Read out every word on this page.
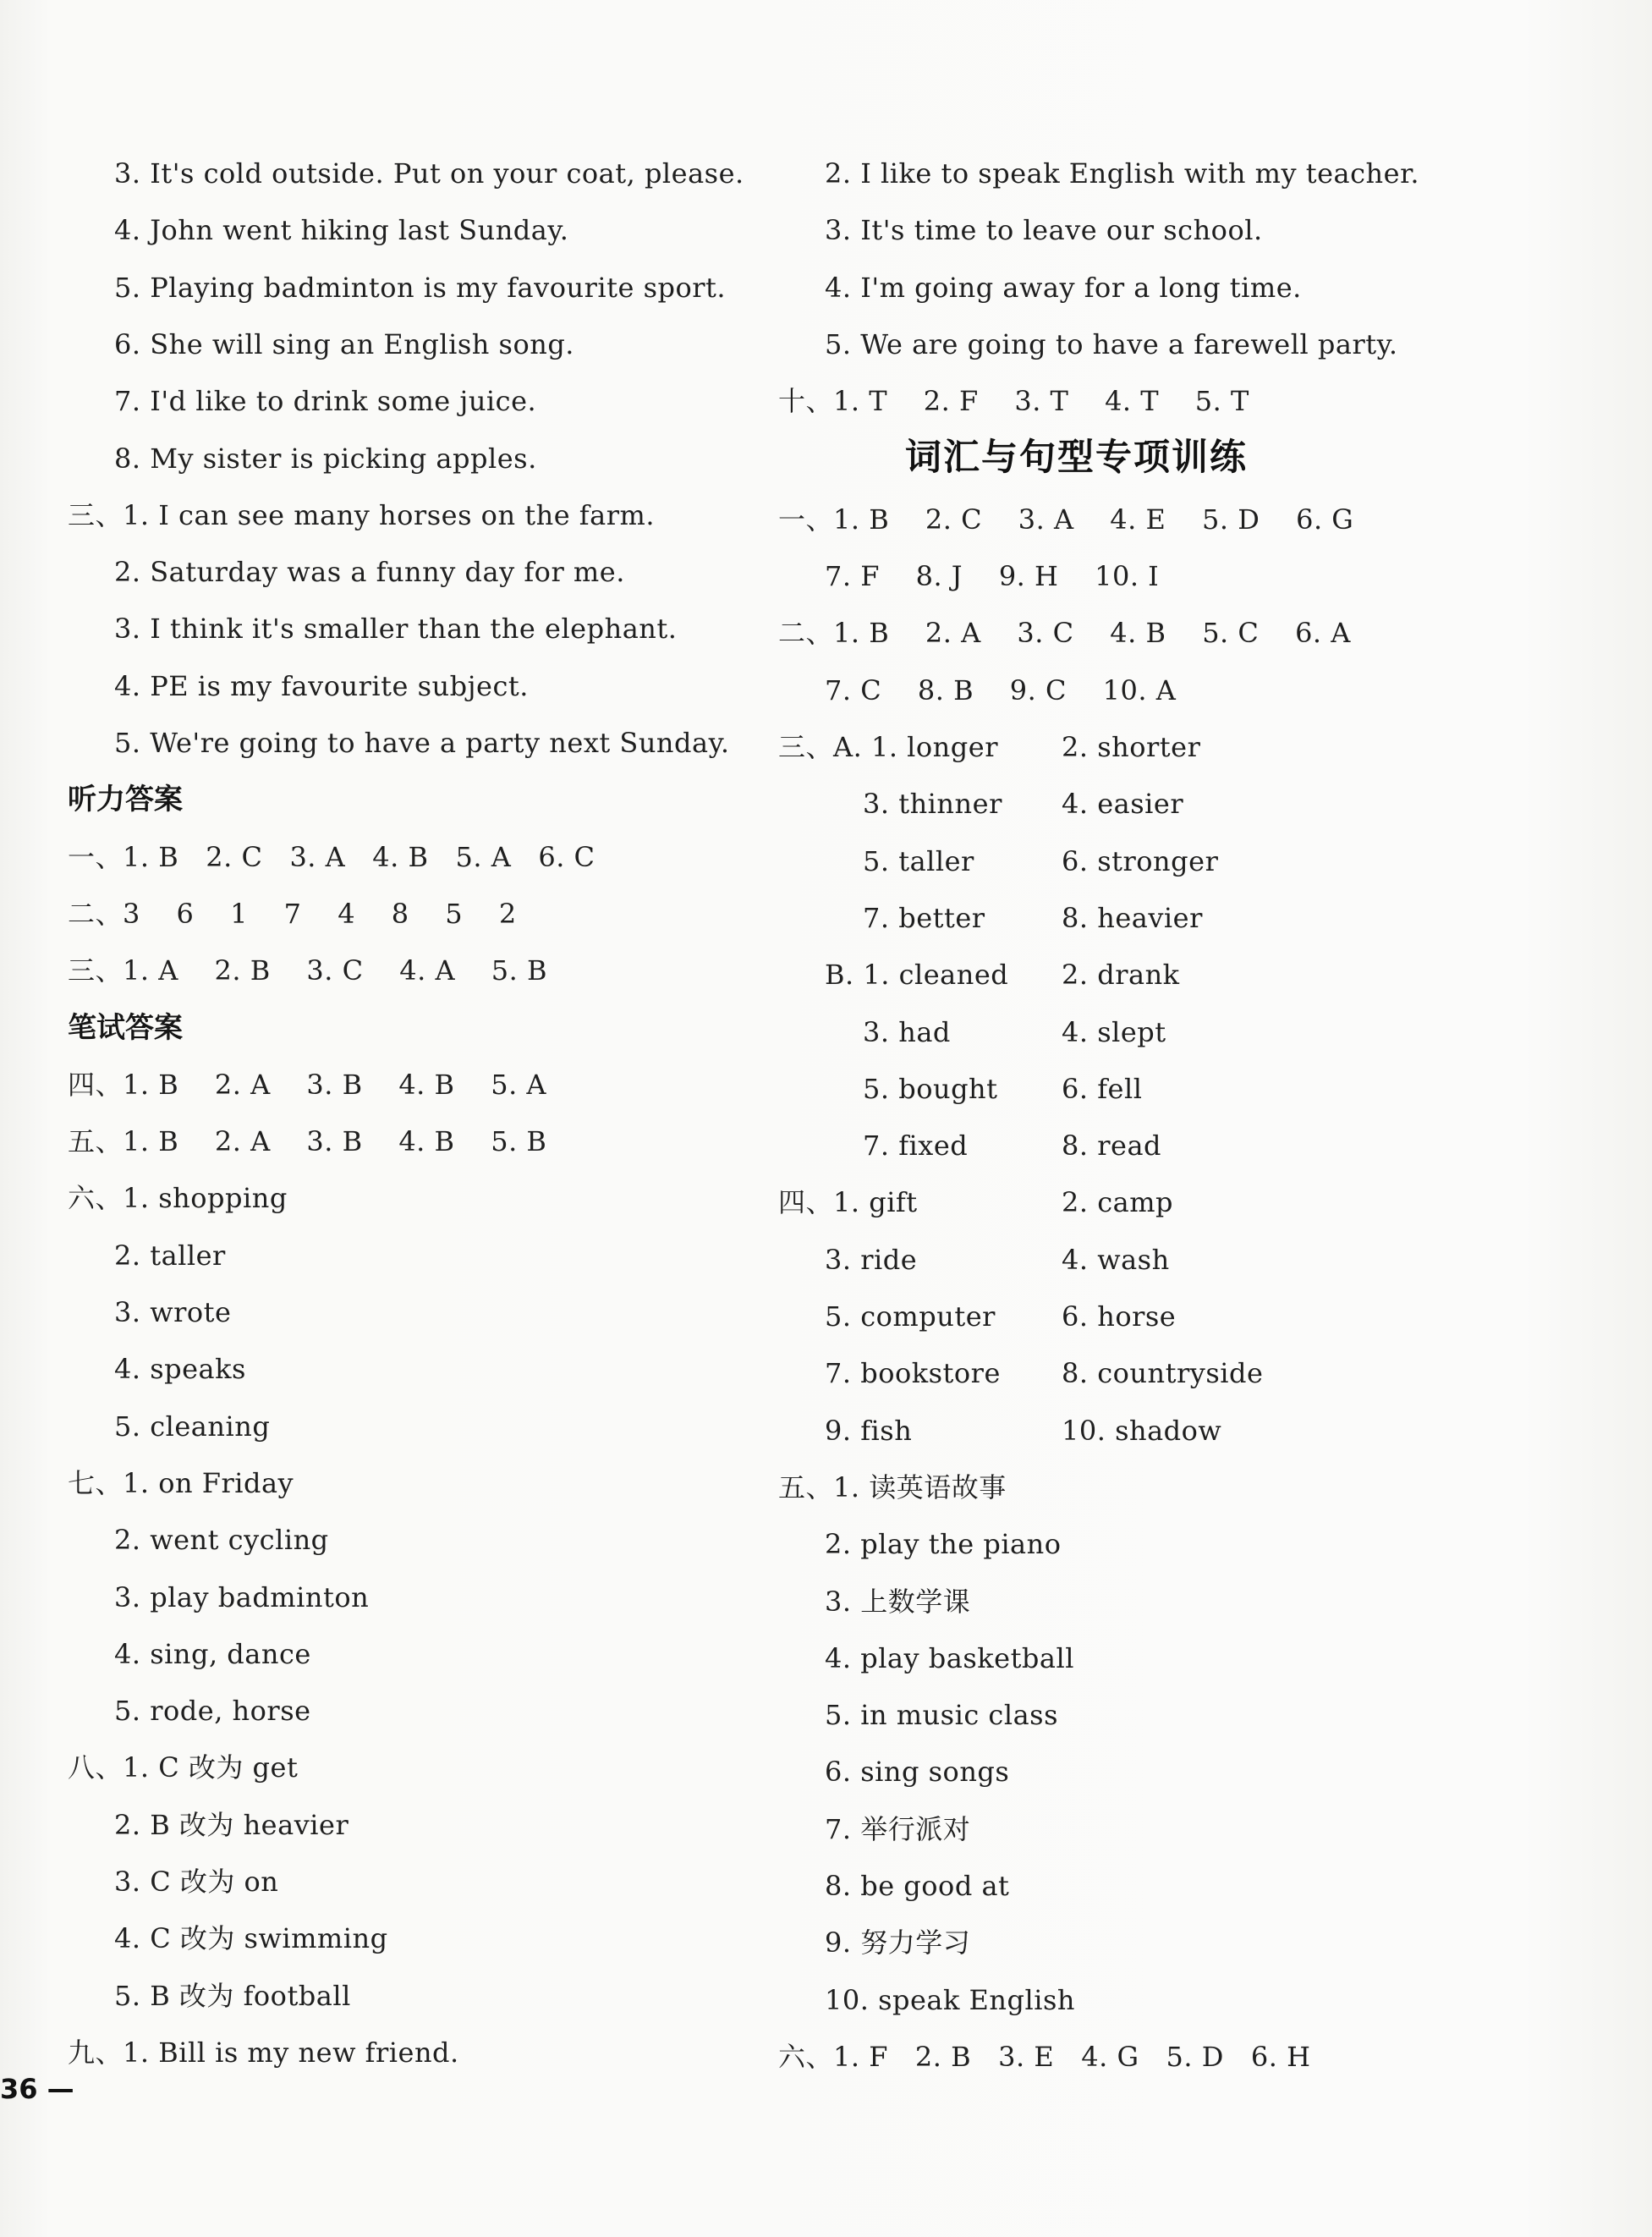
3. It's cold outside. Put on your coat, please.
4. John went hiking last Sunday.
5. Playing badminton is my favourite sport.
6. She will sing an English song.
7. I'd like to drink some juice.
8. My sister is picking apples.
三、1. I can see many horses on the farm.
2. Saturday was a funny day for me.
3. I think it's smaller than the elephant.
4. PE is my favourite subject.
5. We're going to have a party next Sunday.
听力答案
一、1. B   2. C   3. A   4. B   5. A   6. C
二、3    6    1    7    4    8    5    2
三、1. A    2. B    3. C    4. A    5. B
笔试答案
四、1. B    2. A    3. B    4. B    5. A
五、1. B    2. A    3. B    4. B    5. B
六、1. shopping
2. taller
3. wrote
4. speaks
5. cleaning
七、1. on Friday
2. went cycling
3. play badminton
4. sing, dance
5. rode, horse
八、1. C 改为 get
2. B 改为 heavier
3. C 改为 on
4. C 改为 swimming
5. B 改为 football
九、1. Bill is my new friend.
2. I like to speak English with my teacher.
3. It's time to leave our school.
4. I'm going away for a long time.
5. We are going to have a farewell party.
十、1. T    2. F    3. T    4. T    5. T
词汇与句型专项训练
一、1. B    2. C    3. A    4. E    5. D    6. G
7. F    8. J    9. H    10. I
二、1. B    2. A    3. C    4. B    5. C    6. A
7. C    8. B    9. C    10. A
三、A. 1. longer 2. shorter
3. thinner 4. easier
5. taller	6. stronger
7. better	8. heavier
B. 1. cleaned 2. drank
3. had	4. slept
5. bought 6. fell
7. fixed	8. read
四、1. gift	2. camp
3. ride	4. wash
5. computer 6. horse
7. bookstore 8. countryside
9. fish	10. shadow
五、1. 读英语故事
2. play the piano
3. 上数学课
4. play basketball
5. in music class
6. sing songs
7. 举行派对
8. be good at
9. 努力学习
10. speak English
六、1. F   2. B   3. E   4. G   5. D   6. H
36 —
